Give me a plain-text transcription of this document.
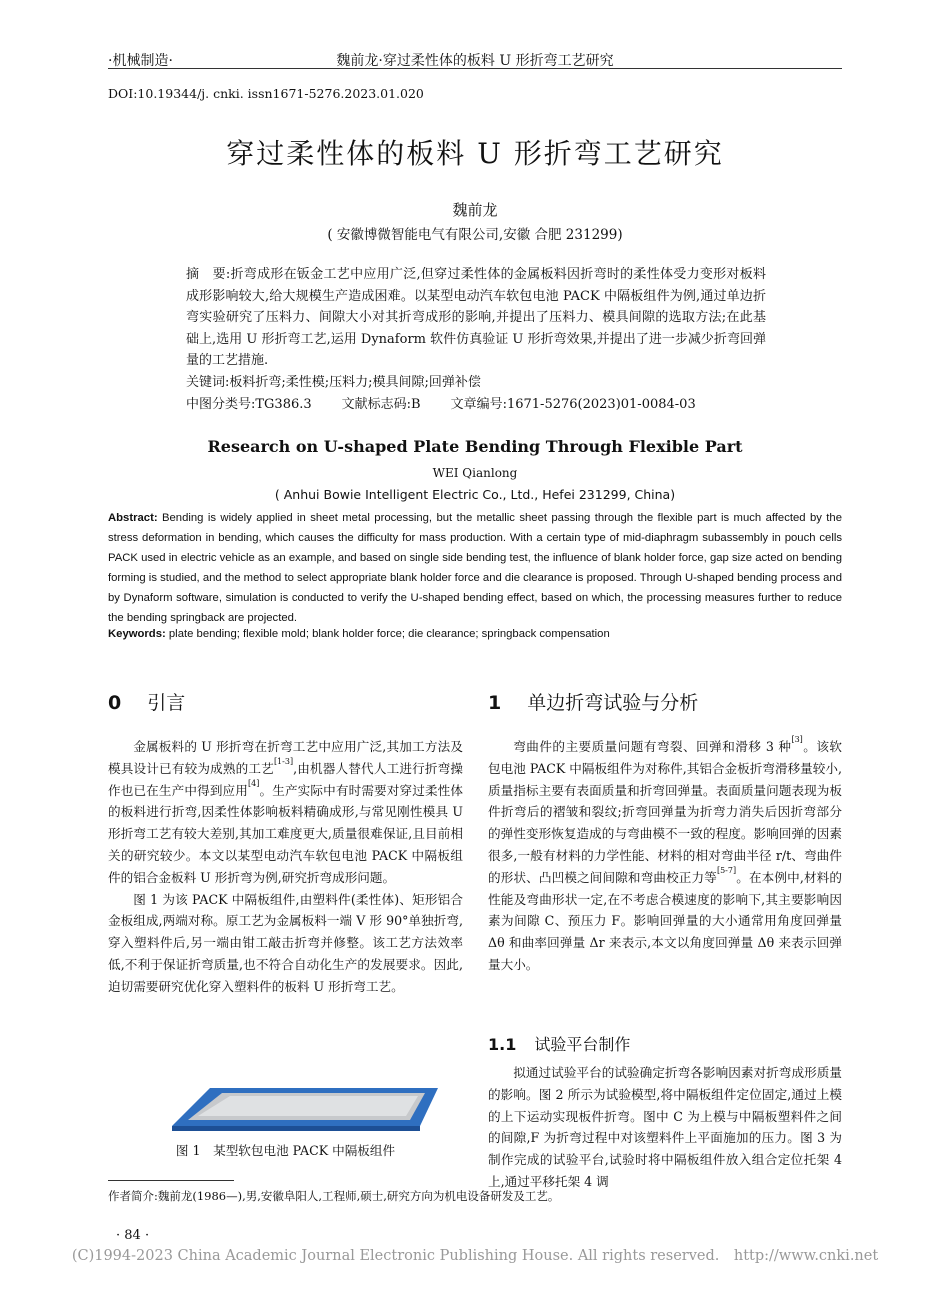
·机械制造·	魏前龙·穿过柔性体的板料 U 形折弯工艺研究
DOI:10.19344/j. cnki. issn1671-5276.2023.01.020
穿过柔性体的板料 U 形折弯工艺研究
魏前龙
( 安徽博微智能电气有限公司,安徽 合肥 231299)
摘　要:折弯成形在钣金工艺中应用广泛,但穿过柔性体的金属板料因折弯时的柔性体受力变形对板料成形影响较大,给大规模生产造成困难。以某型电动汽车软包电池 PACK 中隔板组件为例,通过单边折弯实验研究了压料力、间隙大小对其折弯成形的影响,并提出了压料力、模具间隙的选取方法;在此基础上,选用 U 形折弯工艺,运用 Dynaform 软件仿真验证 U 形折弯效果,并提出了进一步减少折弯回弹量的工艺措施.
关键词:板料折弯;柔性模;压料力;模具间隙;回弹补偿
中图分类号:TG386.3 文献标志码:B 文章编号:1671-5276(2023)01-0084-03
Research on U-shaped Plate Bending Through Flexible Part
WEI Qianlong
( Anhui Bowie Intelligent Electric Co., Ltd., Hefei 231299, China)
Abstract: Bending is widely applied in sheet metal processing, but the metallic sheet passing through the flexible part is much affected by the stress deformation in bending, which causes the difficulty for mass production. With a certain type of mid-diaphragm subassembly in pouch cells PACK used in electric vehicle as an example, and based on single side bending test, the influence of blank holder force, gap size acted on bending forming is studied, and the method to select appropriate blank holder force and die clearance is proposed. Through U-shaped bending process and by Dynaform software, simulation is conducted to verify the U-shaped bending effect, based on which, the processing measures further to reduce the bending springback are projected.
Keywords: plate bending; flexible mold; blank holder force; die clearance; springback compensation
0 引言

金属板料的 U 形折弯在折弯工艺中应用广泛,其加工方法及模具设计已有较为成熟的工艺[1-3],由机器人替代人工进行折弯操作也已在生产中得到应用[4]。生产实际中有时需要对穿过柔性体的板料进行折弯,因柔性体影响板料精确成形,与常见刚性模具 U 形折弯工艺有较大差别,其加工难度更大,质量很难保证,且目前相关的研究较少。本文以某型电动汽车软包电池 PACK 中隔板组件的铝合金板料 U 形折弯为例,研究折弯成形问题。

图 1 为该 PACK 中隔板组件,由塑料件(柔性体)、矩形铝合金板组成,两端对称。原工艺为金属板料一端 V 形 90°单独折弯,穿入塑料件后,另一端由钳工敲击折弯并修整。该工艺方法效率低,不利于保证折弯质量,也不符合自动化生产的发展要求。因此,迫切需要研究优化穿入塑料件的板料 U 形折弯工艺。

图 1　某型软包电池 PACK 中隔板组件
1 单边折弯试验与分析

弯曲件的主要质量问题有弯裂、回弹和滑移 3 种[3]。该软包电池 PACK 中隔板组件为对称件,其铝合金板折弯滑移量较小,质量指标主要有表面质量和折弯回弹量。表面质量问题表现为板件折弯后的褶皱和裂纹;折弯回弹量为折弯力消失后因折弯部分的弹性变形恢复造成的与弯曲模不一致的程度。影响回弹的因素很多,一般有材料的力学性能、材料的相对弯曲半径 r/t、弯曲件的形状、凸凹模之间间隙和弯曲校正力等[5-7]。在本例中,材料的性能及弯曲形状一定,在不考虑合模速度的影响下,其主要影响因素为间隙 C、预压力 F。影响回弹量的大小通常用角度回弹量 Δθ 和曲率回弹量 Δr 来表示,本文以角度回弹量 Δθ 来表示回弹量大小。

1.1 试验平台制作

拟通过试验平台的试验确定折弯各影响因素对折弯成形质量的影响。图 2 所示为试验模型,将中隔板组件定位固定,通过上模的上下运动实现板件折弯。图中 C 为上模与中隔板塑料件之间的间隙,F 为折弯过程中对该塑料件上平面施加的压力。图 3 为制作完成的试验平台,试验时将中隔板组件放入组合定位托架 4 上,通过平移托架 4 调

作者简介:魏前龙(1986—),男,安徽阜阳人,工程师,硕士,研究方向为机电设备研发及工艺。
· 84 ·
(C)1994-2023 China Academic Journal Electronic Publishing House. All rights reserved.　http://www.cnki.net
